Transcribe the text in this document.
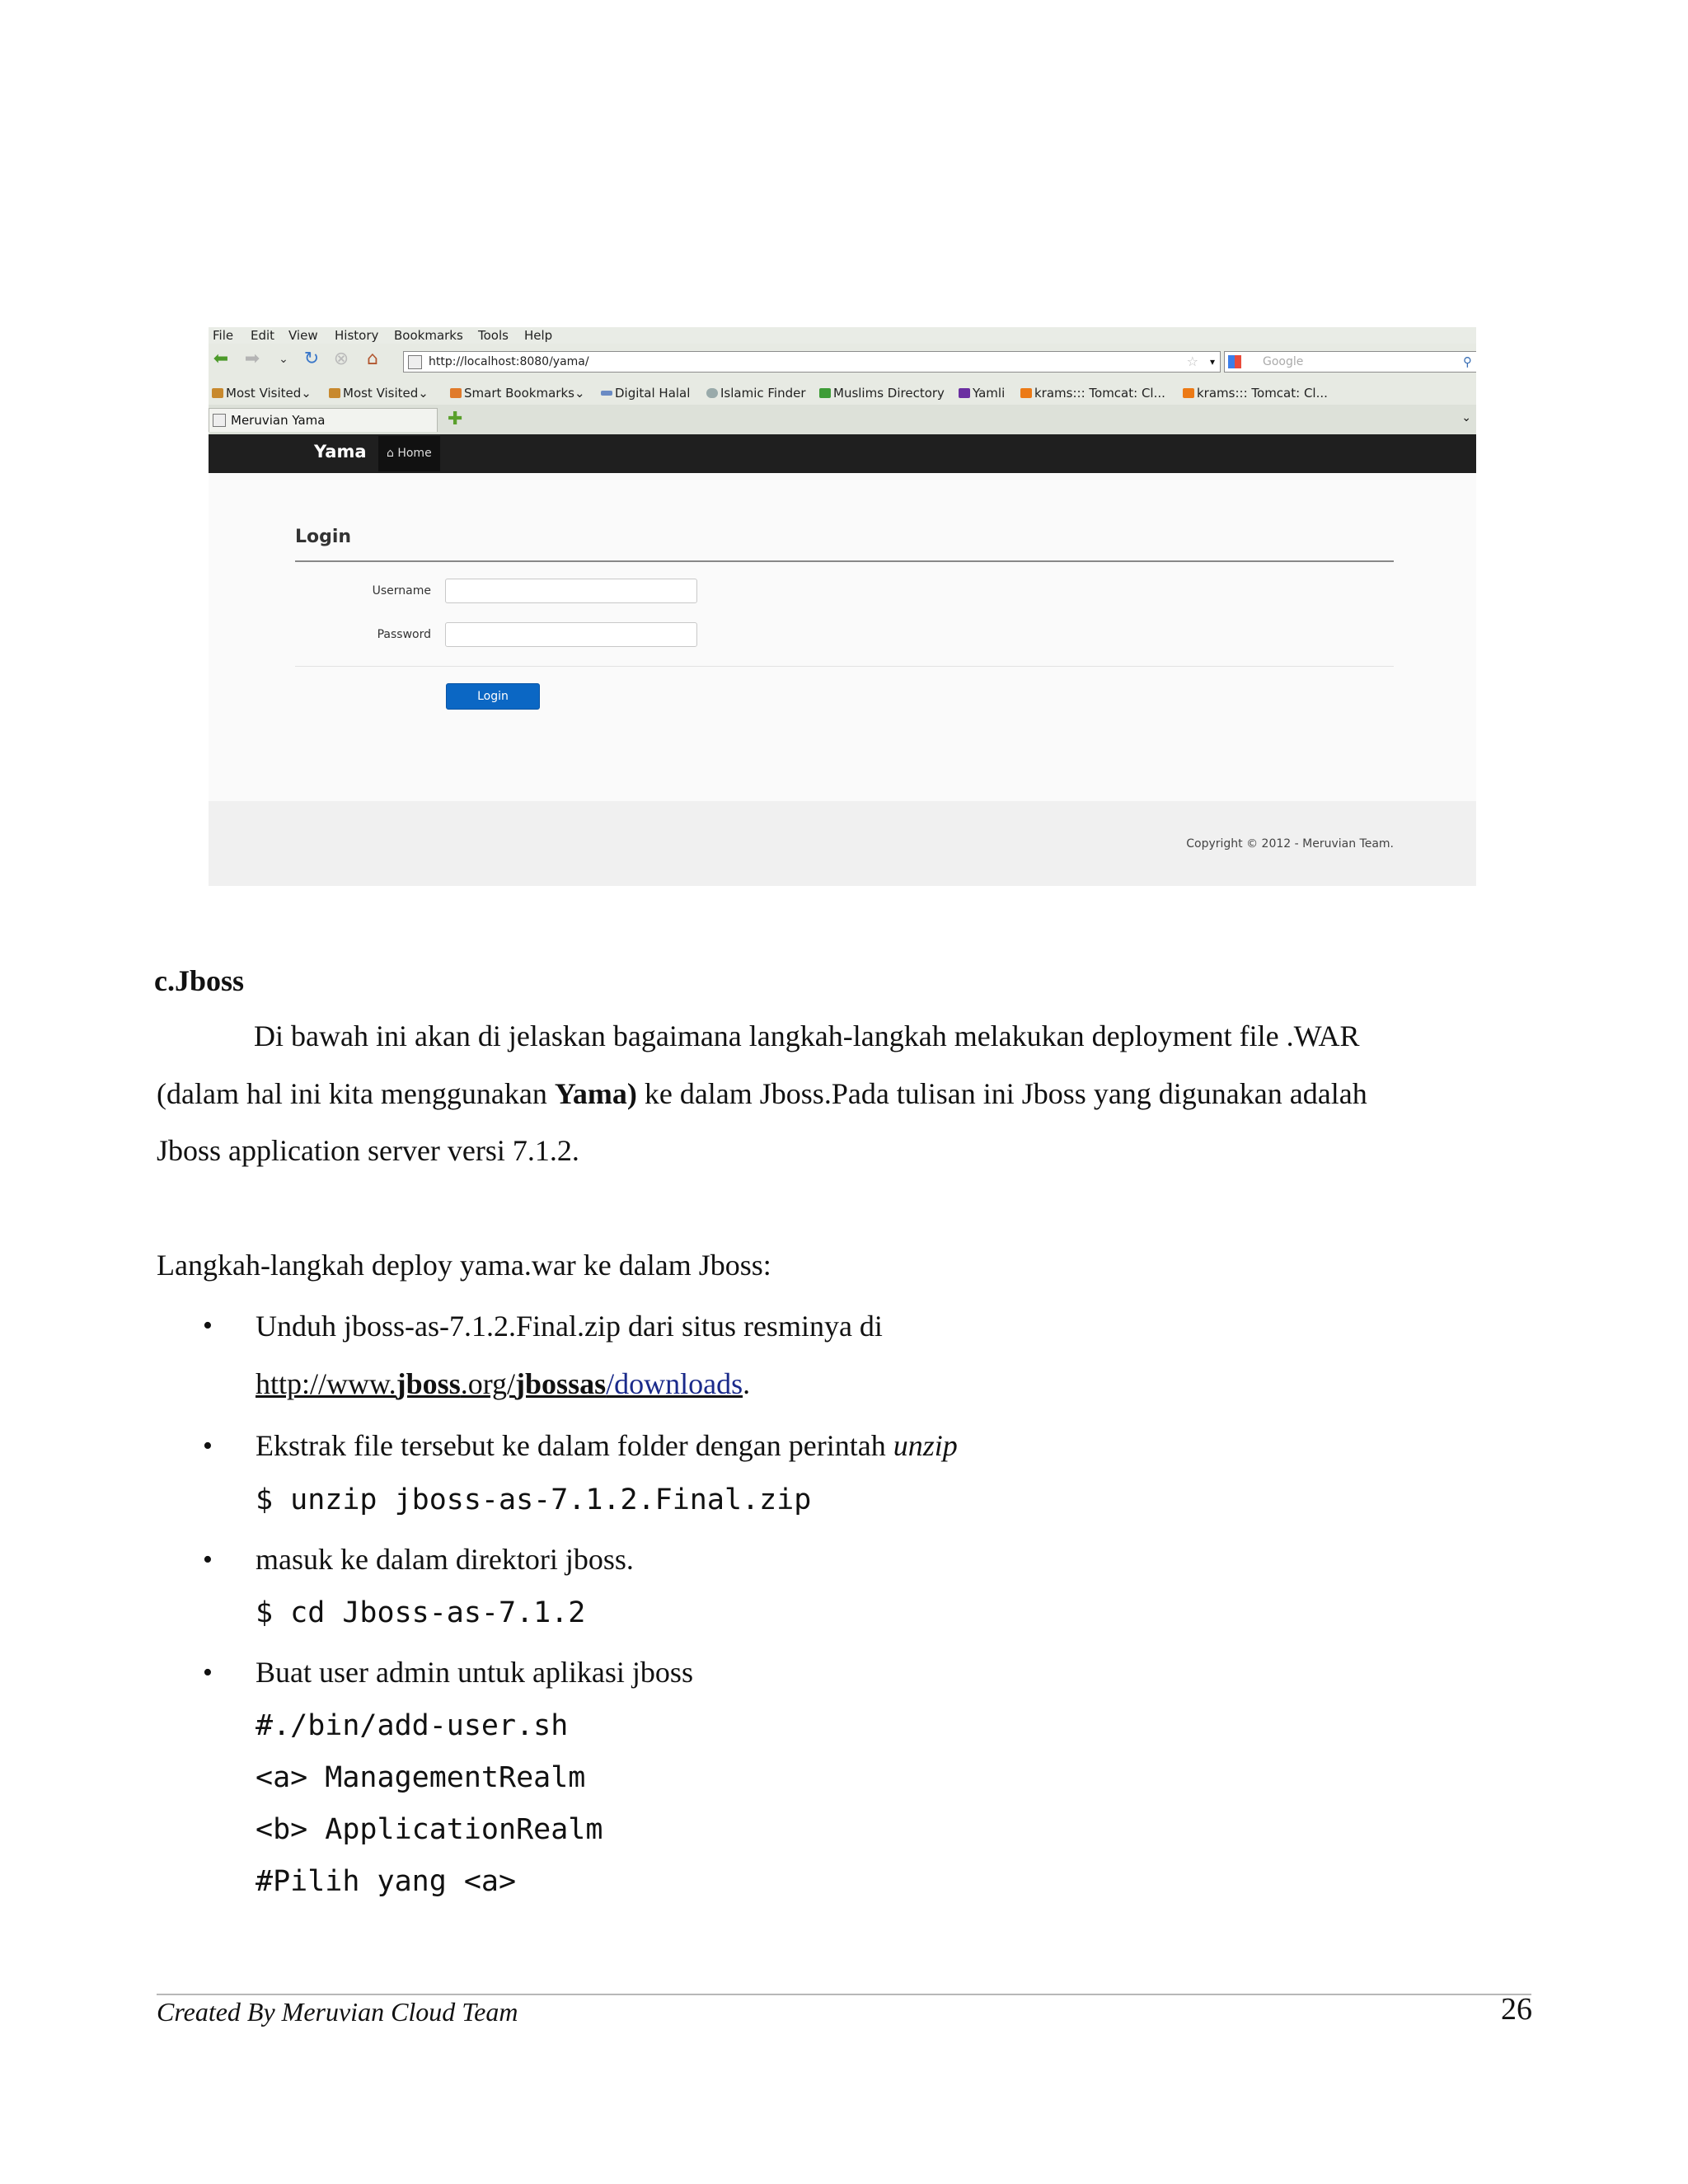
File Edit View History Bookmarks Tools Help
⬅ ➡	⌄ ↻ ⊗ ⌂	http://localhost:8080/yama/	☆ ▾	Google	⚲
Most Visited⌄	Most Visited⌄	Smart Bookmarks⌄	Digital Halal	Islamic Finder	Muslims Directory	Yamli	krams::: Tomcat: Cl...	krams::: Tomcat: Cl...
Meruvian Yama	✚	⌄
Yama	⌂ Home
Login
Username
Password
Login
Copyright © 2012 - Meruvian Team.
c.Jboss
Di bawah ini akan di jelaskan bagaimana langkah-langkah melakukan deployment file .WAR
(dalam hal ini kita menggunakan Yama) ke dalam Jboss.Pada tulisan ini Jboss yang digunakan adalah
Jboss application server versi 7.1.2.
Langkah-langkah deploy yama.war ke dalam Jboss:
• Unduh jboss-as-7.1.2.Final.zip dari situs resminya di
http://www.jboss.org/jbossas/downloads.
• Ekstrak file tersebut ke dalam folder dengan perintah unzip
$ unzip jboss-as-7.1.2.Final.zip
• masuk ke dalam direktori jboss.
$ cd Jboss-as-7.1.2
• Buat user admin untuk aplikasi jboss
#./bin/add-user.sh
<a> ManagementRealm
<b> ApplicationRealm
#Pilih yang <a>
Created By Meruvian Cloud Team	26
